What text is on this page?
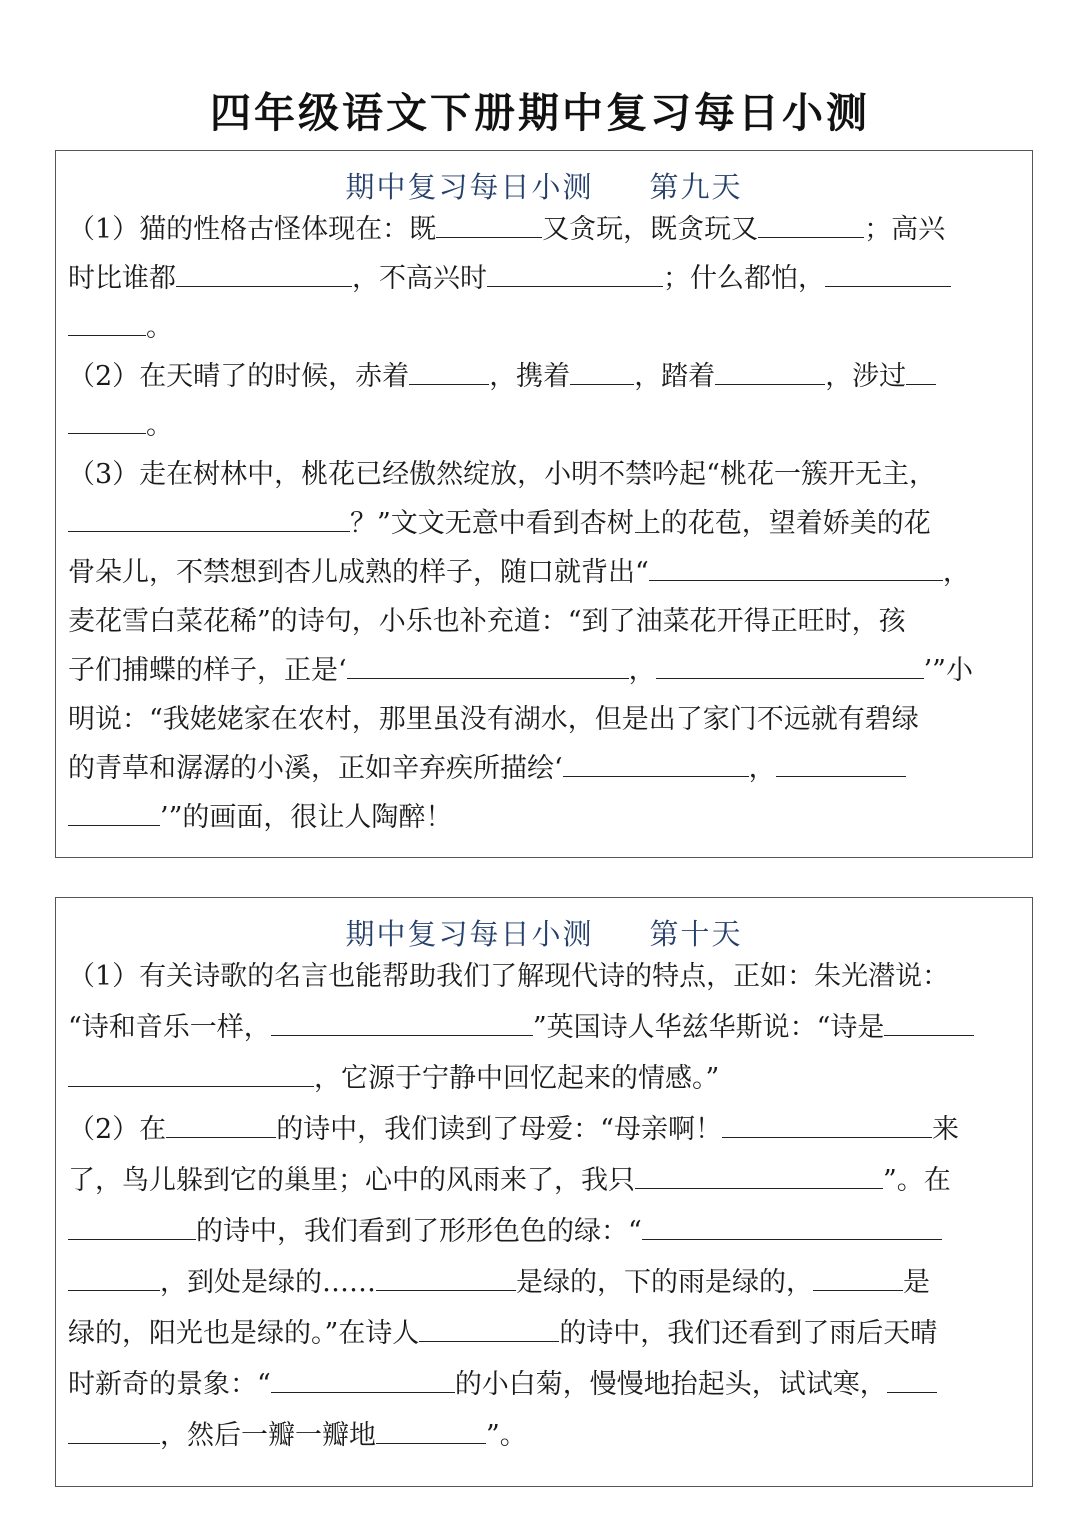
四年级语文下册期中复习每日小测
期中复习每日小测     第九天
（1）猫的性格古怪体现在：既	又贪玩，既贪玩又	；高兴
时比谁都	，不高兴时	；什么都怕，
。
（2）在天晴了的时候，赤着	，携着 ，踏着	，涉过
。
（3）走在树林中，桃花已经傲然绽放，小明不禁吟起“桃花一簇开无主，
？”文文无意中看到杏树上的花苞，望着娇美的花
骨朵儿，不禁想到杏儿成熟的样子，随口就背出“	，
麦花雪白菜花稀”的诗句，小乐也补充道：“到了油菜花开得正旺时，孩
子们捕蝶的样子，正是‘	，	’”小
明说：“我姥姥家在农村，那里虽没有湖水，但是出了家门不远就有碧绿
的青草和潺潺的小溪，正如辛弃疾所描绘‘	，
’”的画面，很让人陶醉！
期中复习每日小测     第十天
（1）有关诗歌的名言也能帮助我们了解现代诗的特点，正如：朱光潜说：
“诗和音乐一样，	”英国诗人华兹华斯说：“诗是
，它源于宁静中回忆起来的情感。”
（2）在	的诗中，我们读到了母爱：“母亲啊！	来
了，鸟儿躲到它的巢里；心中的风雨来了，我只	”。在
的诗中，我们看到了形形色色的绿：“
，到处是绿的……	是绿的，下的雨是绿的，	是
绿的，阳光也是绿的。”在诗人	的诗中，我们还看到了雨后天晴
时新奇的景象：“	的小白菊，慢慢地抬起头，试试寒，
，然后一瓣一瓣地	”。
